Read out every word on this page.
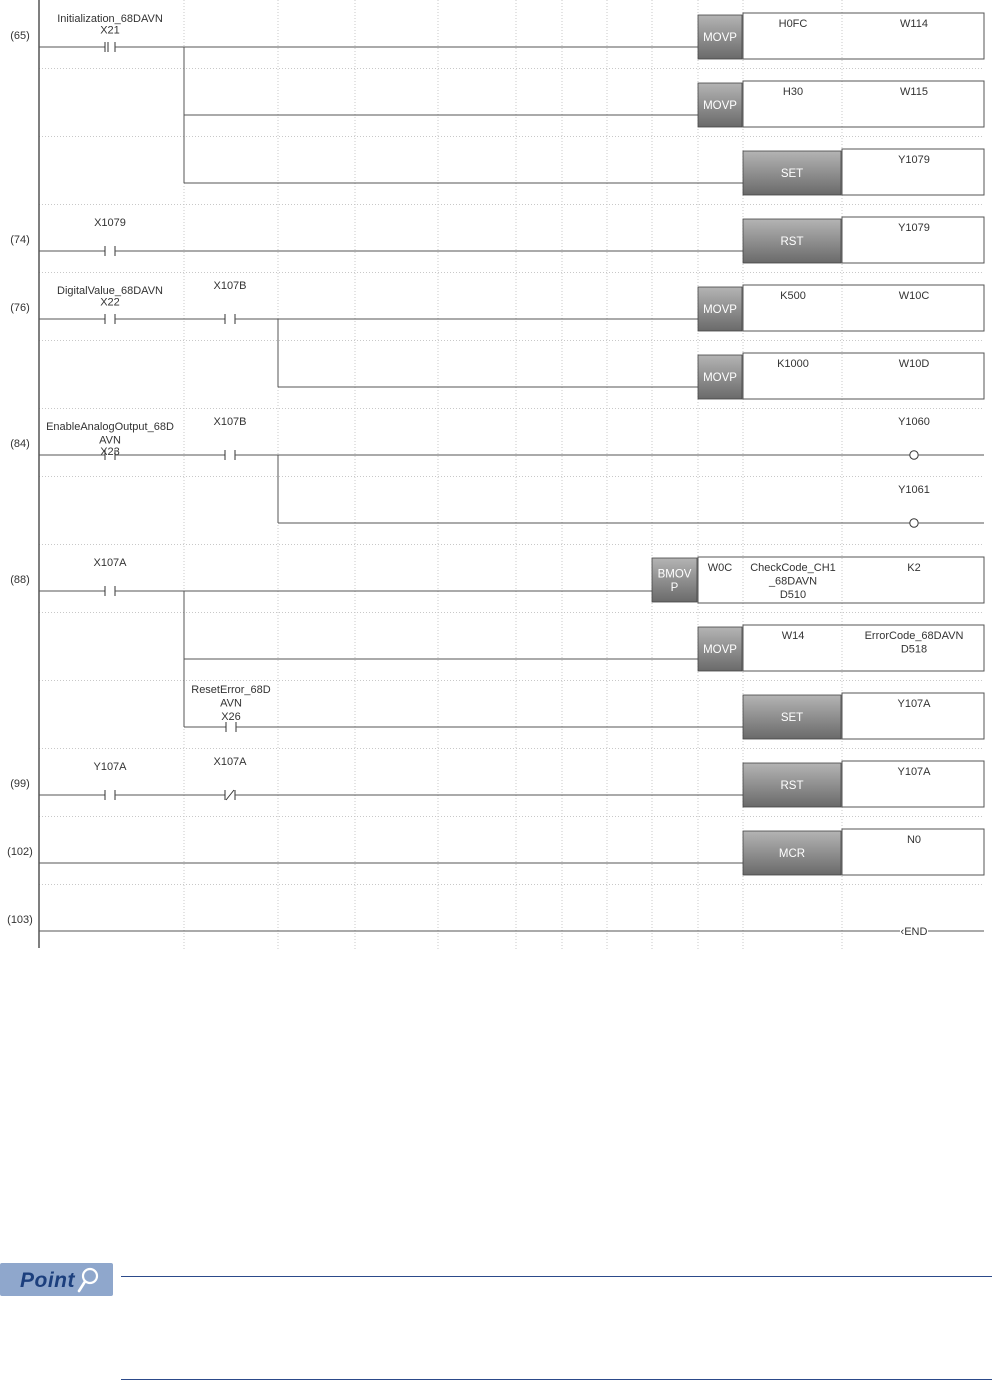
(65)
Initialization_68DAVN
X21
MOVP
H0FC	W114
MOVP
H30	W115
SET
Y1079
(74)
X1079
RST
Y1079
(76)
DigitalValue_68DAVN
X22
X107B
MOVP
K500	W10C
MOVP
K1000	W10D
(84)
EnableAnalogOutput_68D AVN
X23
X107B	Y1060
Y1061
(88)
X107A
BMOV P
W0C CheckCode_CH1 _68DAVN D510
K2
MOVP
W14	ErrorCode_68DAVN D518
ResetError_68D AVN X26	SET
Y107A
(99)
Y107A	X107A
RST
Y107A
(102)	MCR
N0
(103)
‹END
Point
